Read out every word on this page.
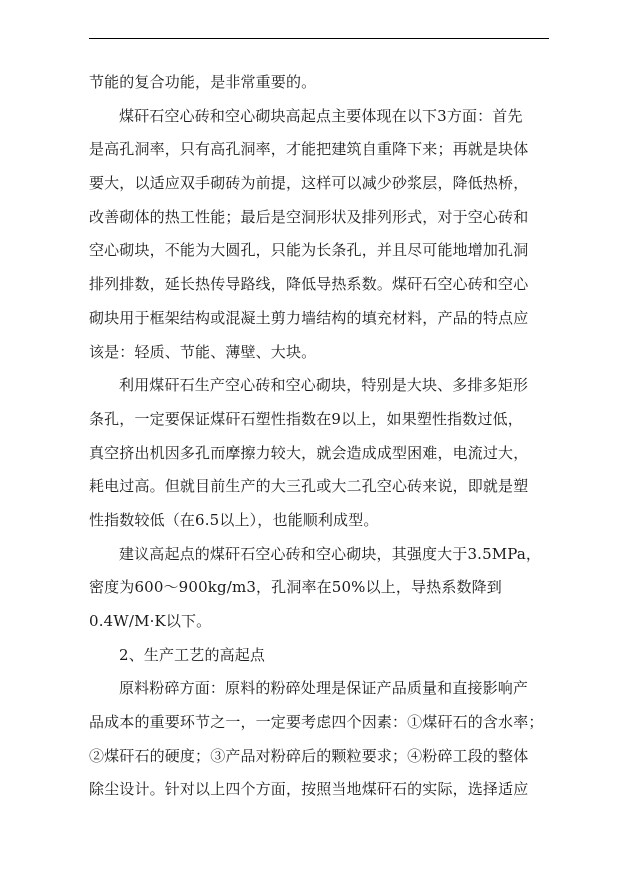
节能的复合功能，是非常重要的。
煤矸石空心砖和空心砌块高起点主要体现在以下3方面：首先
是高孔洞率，只有高孔洞率，才能把建筑自重降下来；再就是块体
要大，以适应双手砌砖为前提，这样可以减少砂浆层，降低热桥，
改善砌体的热工性能；最后是空洞形状及排列形式，对于空心砖和
空心砌块，不能为大圆孔，只能为长条孔，并且尽可能地增加孔洞
排列排数，延长热传导路线，降低导热系数。煤矸石空心砖和空心
砌块用于框架结构或混凝土剪力墙结构的填充材料，产品的特点应
该是：轻质、节能、薄壁、大块。
利用煤矸石生产空心砖和空心砌块，特别是大块、多排多矩形
条孔，一定要保证煤矸石塑性指数在9以上，如果塑性指数过低，
真空挤出机因多孔而摩擦力较大，就会造成成型困难，电流过大，
耗电过高。但就目前生产的大三孔或大二孔空心砖来说，即就是塑
性指数较低（在6.5以上），也能顺利成型。
建议高起点的煤矸石空心砖和空心砌块，其强度大于3.5MPa，
密度为600～900kg/m3，孔洞率在50%以上，导热系数降到
0.4W/M·K以下。
2、生产工艺的高起点
原料粉碎方面：原料的粉碎处理是保证产品质量和直接影响产
品成本的重要环节之一，一定要考虑四个因素：①煤矸石的含水率；
②煤矸石的硬度；③产品对粉碎后的颗粒要求；④粉碎工段的整体
除尘设计。针对以上四个方面，按照当地煤矸石的实际，选择适应
